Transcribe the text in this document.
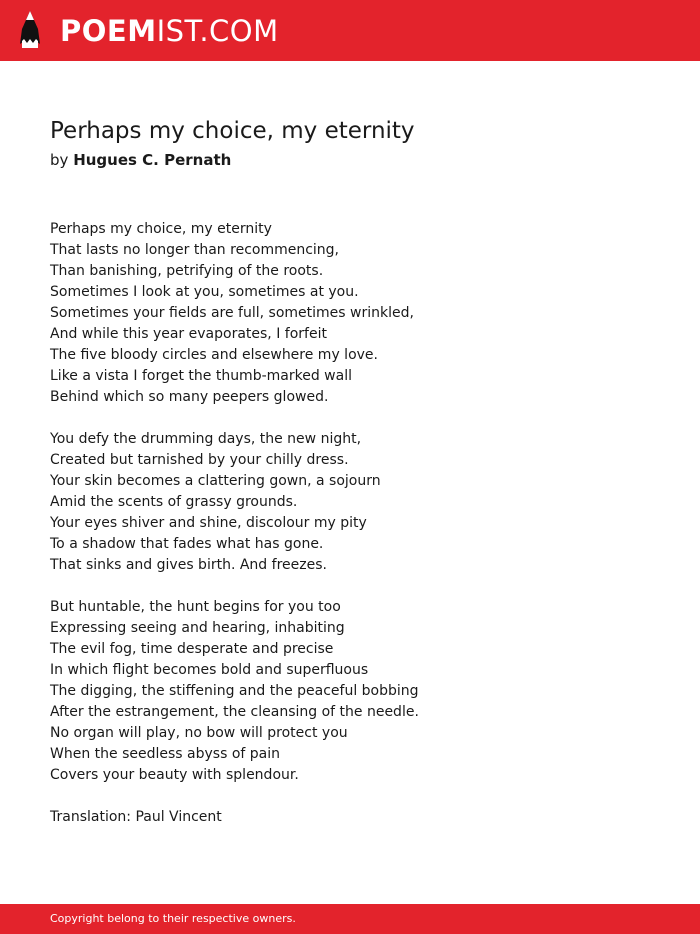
POEMIST.COM
Perhaps my choice, my eternity
by Hugues C. Pernath

Perhaps my choice, my eternity
That lasts no longer than recommencing,
Than banishing, petrifying of the roots.
Sometimes I look at you, sometimes at you.
Sometimes your fields are full, sometimes wrinkled,
And while this year evaporates, I forfeit
The five bloody circles and elsewhere my love.
Like a vista I forget the thumb-marked wall
Behind which so many peepers glowed.

You defy the drumming days, the new night,
Created but tarnished by your chilly dress.
Your skin becomes a clattering gown, a sojourn
Amid the scents of grassy grounds.
Your eyes shiver and shine, discolour my pity
To a shadow that fades what has gone.
That sinks and gives birth. And freezes.

But huntable, the hunt begins for you too
Expressing seeing and hearing, inhabiting
The evil fog, time desperate and precise
In which flight becomes bold and superfluous
The digging, the stiffening and the peaceful bobbing
After the estrangement, the cleansing of the needle.
No organ will play, no bow will protect you
When the seedless abyss of pain
Covers your beauty with splendour.

Translation: Paul Vincent
Copyright belong to their respective owners.
